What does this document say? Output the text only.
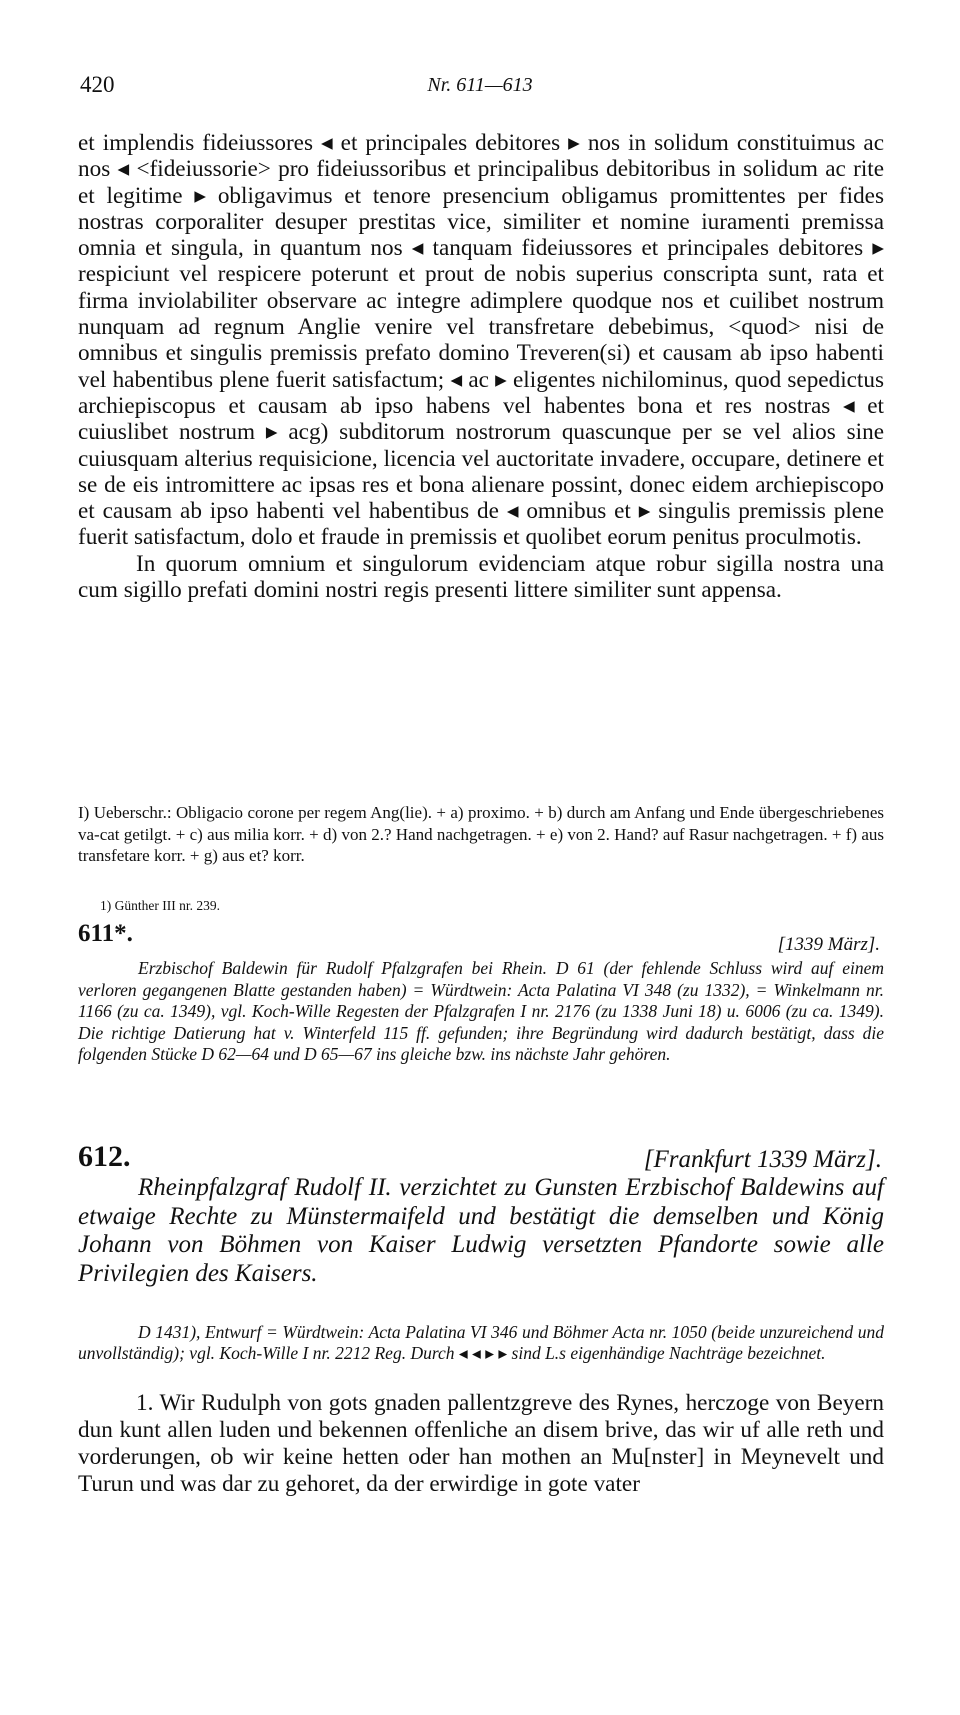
420	Nr. 611—613

et implendis fideiussores ◂ et principales debitores ▸ nos in solidum constituimus ac nos ◂ <fideiussorie> pro fideiussoribus et principalibus debitoribus in solidum ac rite et legitime ▸ obligavimus et tenore presencium obligamus promittentes per fides nostras corporaliter desuper prestitas vice, similiter et nomine iuramenti premissa omnia et singula, in quantum nos ◂ tanquam fideiussores et principales debitores ▸ respiciunt vel respicere poterunt et prout de nobis superius conscripta sunt, rata et firma inviolabiliter observare ac integre adimplere quodque nos et cuilibet nostrum nunquam ad regnum Anglie venire vel transfretare debebimus, <quod> nisi de omnibus et singulis premissis prefato domino Treveren(si) et causam ab ipso habenti vel habentibus plene fuerit satisfactum; ◂ ac ▸ eligentes nichilominus, quod sepedictus archiepiscopus et causam ab ipso habens vel habentes bona et res nostras ◂ et cuiuslibet nostrum ▸ acg) subditorum nostrorum quascunque per se vel alios sine cuiusquam alterius requisicione, licencia vel auctoritate invadere, occupare, detinere et se de eis intromittere ac ipsas res et bona alienare possint, donec eidem archiepiscopo et causam ab ipso habenti vel habentibus de ◂ omnibus et ▸ singulis premissis plene fuerit satisfactum, dolo et fraude in premissis et quolibet eorum penitus proculmotis.

In quorum omnium et singulorum evidenciam atque robur sigilla nostra una cum sigillo prefati domini nostri regis presenti littere similiter sunt appensa.

I) Ueberschr.: Obligacio corone per regem Ang(lie). + a) proximo. + b) durch am Anfang und Ende übergeschriebenes va-cat getilgt. + c) aus milia korr. + d) von 2.? Hand nachgetragen. + e) von 2. Hand? auf Rasur nachgetragen. + f) aus transfetare korr. + g) aus et? korr.

1) Günther III nr. 239.

611*.	[1339 März].

Erzbischof Baldewin für Rudolf Pfalzgrafen bei Rhein. D 61 (der fehlende Schluss wird auf einem verloren gegangenen Blatte gestanden haben) = Würdtwein: Acta Palatina VI 348 (zu 1332), = Winkelmann nr. 1166 (zu ca. 1349), vgl. Koch-Wille Regesten der Pfalzgrafen I nr. 2176 (zu 1338 Juni 18) u. 6006 (zu ca. 1349). Die richtige Datierung hat v. Winterfeld 115 ff. gefunden; ihre Begründung wird dadurch bestätigt, dass die folgenden Stücke D 62—64 und D 65—67 ins gleiche bzw. ins nächste Jahr gehören.

612.	[Frankfurt 1339 März].

Rheinpfalzgraf Rudolf II. verzichtet zu Gunsten Erzbischof Baldewins auf etwaige Rechte zu Münstermaifeld und bestätigt die demselben und König Johann von Böhmen von Kaiser Ludwig versetzten Pfandorte sowie alle Privilegien des Kaisers.

D 1431), Entwurf = Würdtwein: Acta Palatina VI 346 und Böhmer Acta nr. 1050 (beide unzureichend und unvollständig); vgl. Koch-Wille I nr. 2212 Reg. Durch ◂ ◂ ▸ ▸ sind L.s eigenhändige Nachträge bezeichnet.

1. Wir Rudulph von gots gnaden pallentzgreve des Rynes, herczoge von Beyern dun kunt allen luden und bekennen offenliche an disem brive, das wir uf alle reth und vorderungen, ob wir keine hetten oder han mothen an Mu[nster] in Meynevelt und Turun und was dar zu gehoret, da der erwirdige in gote vater
